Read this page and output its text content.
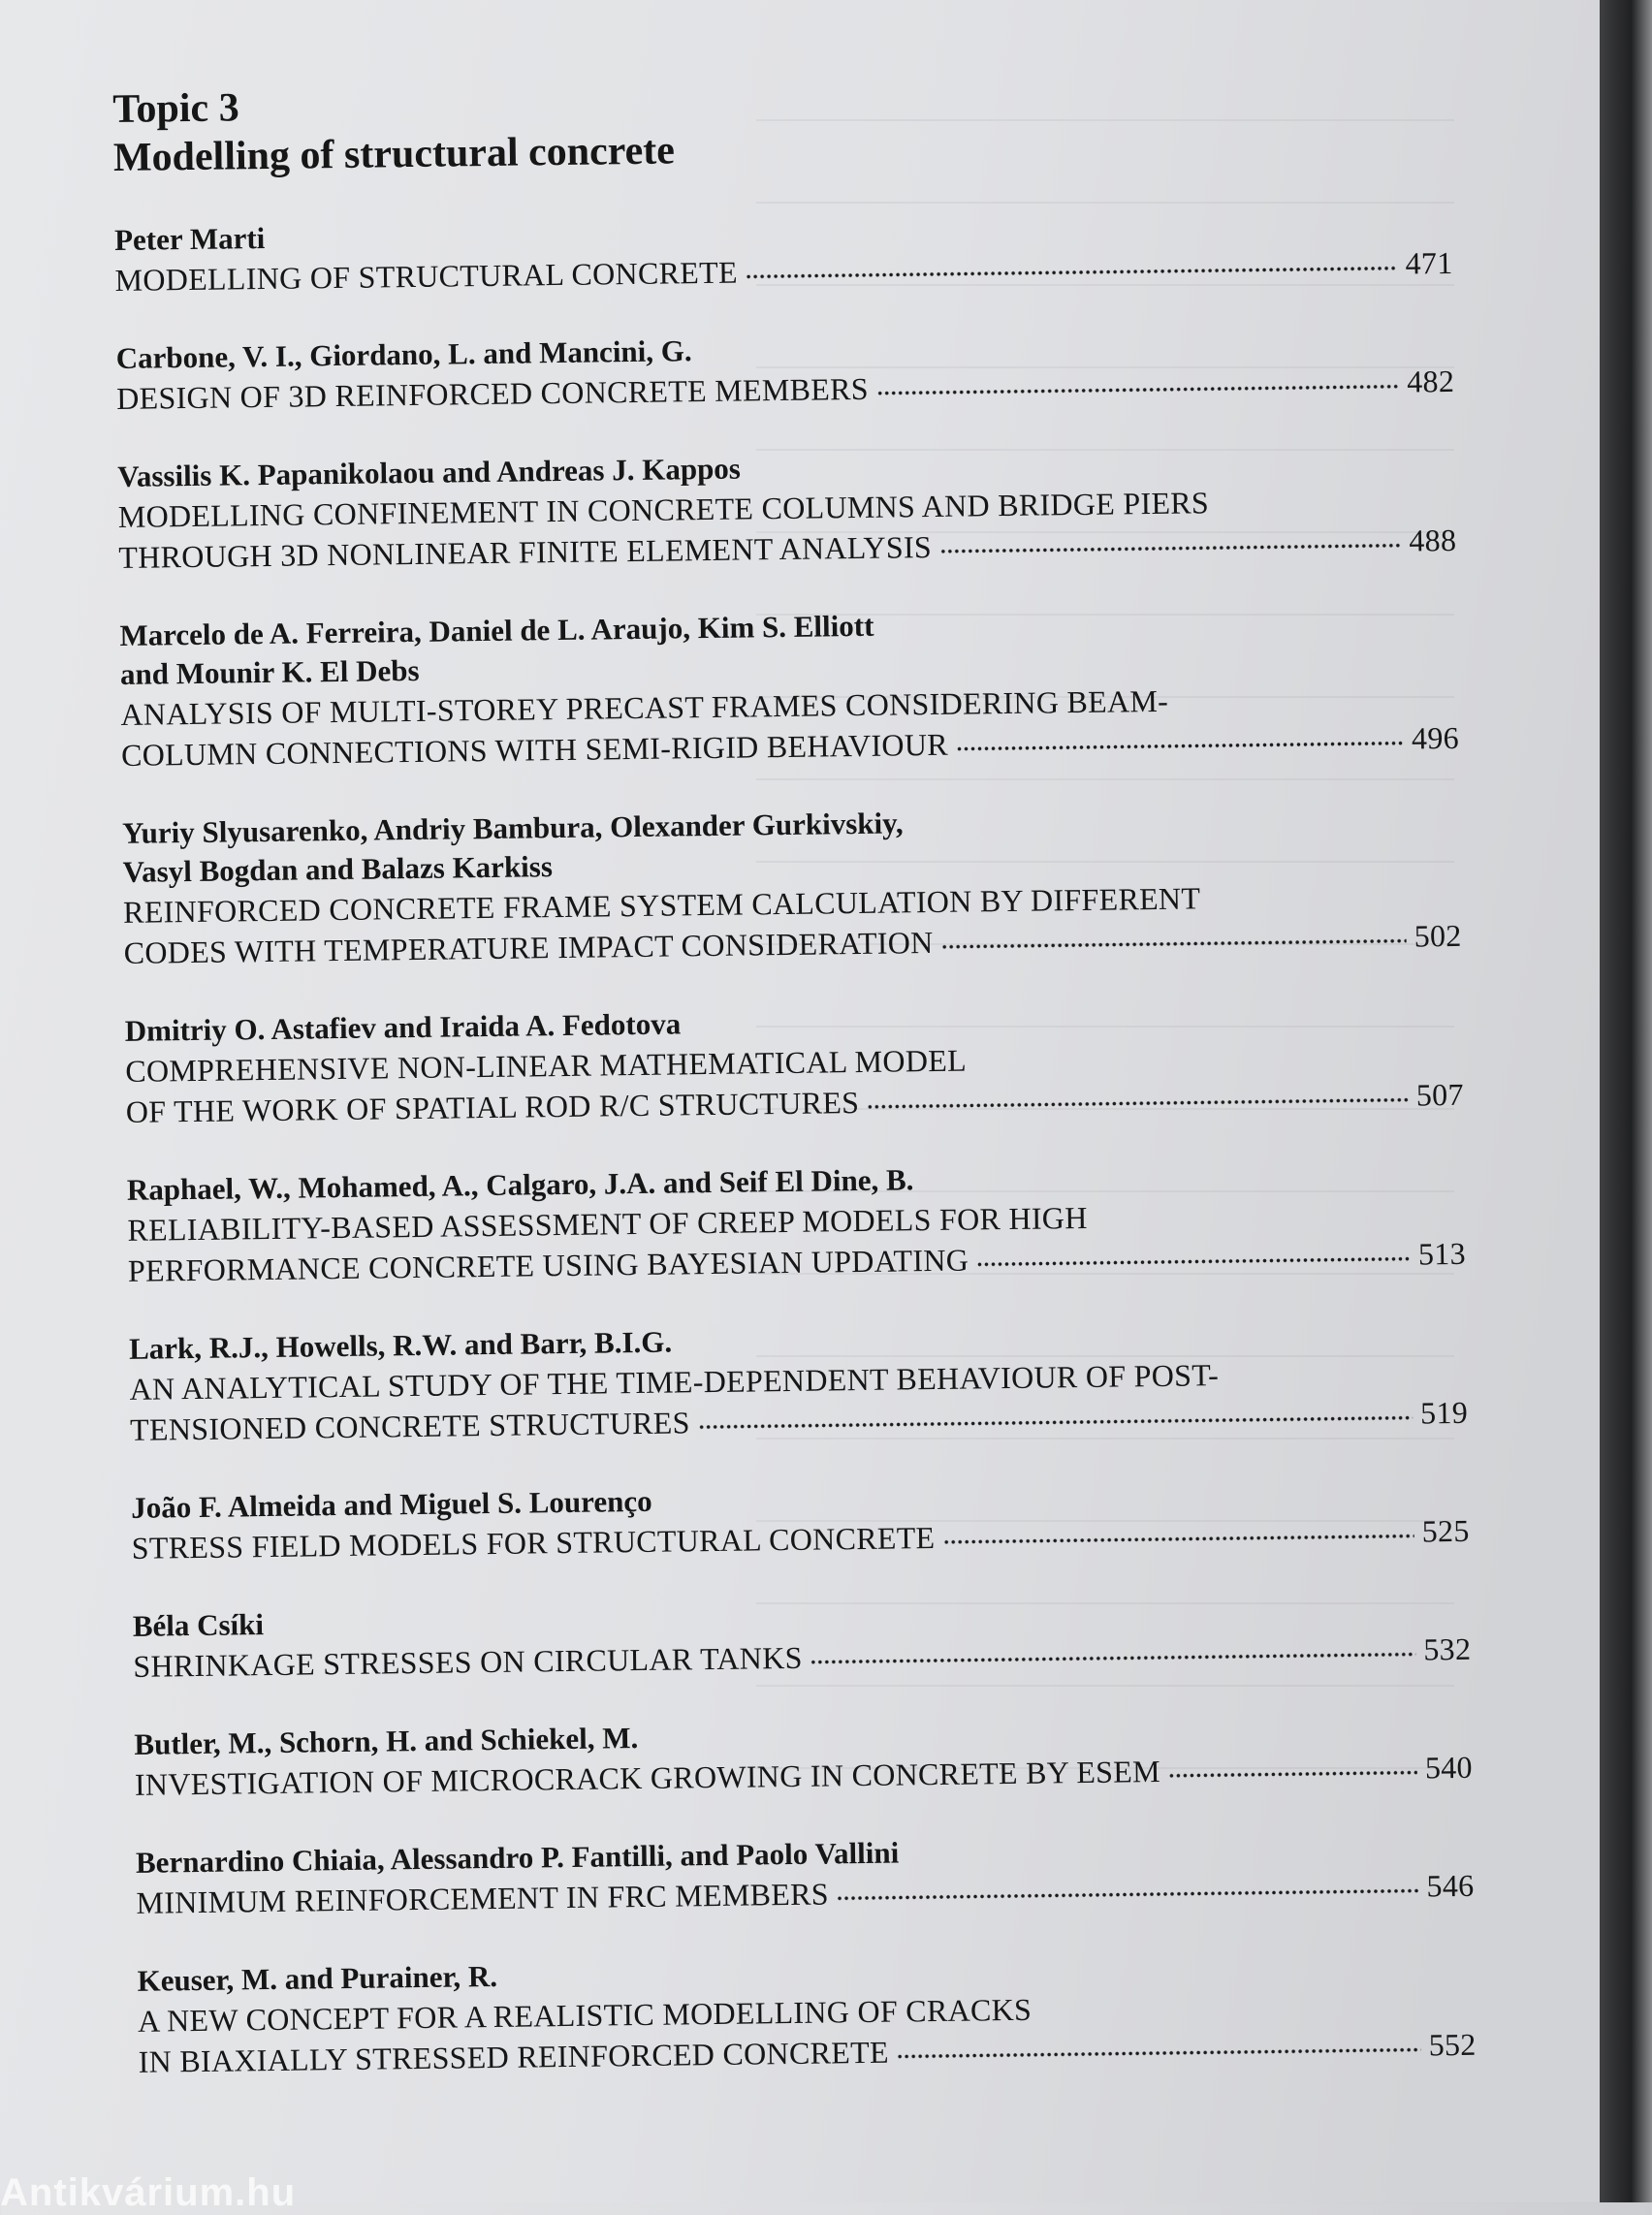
Topic 3
Modelling of structural concrete
Peter Marti
MODELLING OF STRUCTURAL CONCRETE	471
Carbone, V. I., Giordano, L. and Mancini, G.
DESIGN OF 3D REINFORCED CONCRETE MEMBERS	482
Vassilis K. Papanikolaou and Andreas J. Kappos
MODELLING CONFINEMENT IN CONCRETE COLUMNS AND BRIDGE PIERS
THROUGH 3D NONLINEAR FINITE ELEMENT ANALYSIS	488
Marcelo de A. Ferreira, Daniel de L. Araujo, Kim S. Elliott
and Mounir K. El Debs
ANALYSIS OF MULTI-STOREY PRECAST FRAMES CONSIDERING BEAM-
COLUMN CONNECTIONS WITH SEMI-RIGID BEHAVIOUR	496
Yuriy Slyusarenko, Andriy Bambura, Olexander Gurkivskiy,
Vasyl Bogdan and Balazs Karkiss
REINFORCED CONCRETE FRAME SYSTEM CALCULATION BY DIFFERENT
CODES WITH TEMPERATURE IMPACT CONSIDERATION	502
Dmitriy O. Astafiev and Iraida A. Fedotova
COMPREHENSIVE NON-LINEAR MATHEMATICAL MODEL
OF THE WORK OF SPATIAL ROD R/C STRUCTURES	507
Raphael, W., Mohamed, A., Calgaro, J.A. and Seif El Dine, B.
RELIABILITY-BASED ASSESSMENT OF CREEP MODELS FOR HIGH
PERFORMANCE CONCRETE USING BAYESIAN UPDATING	513
Lark, R.J., Howells, R.W. and Barr, B.I.G.
AN ANALYTICAL STUDY OF THE TIME-DEPENDENT BEHAVIOUR OF POST-
TENSIONED CONCRETE STRUCTURES	519
João F. Almeida and Miguel S. Lourenço
STRESS FIELD MODELS FOR STRUCTURAL CONCRETE	525
Béla Csíki
SHRINKAGE STRESSES ON CIRCULAR TANKS	532
Butler, M., Schorn, H. and Schiekel, M.
INVESTIGATION OF MICROCRACK GROWING IN CONCRETE BY ESEM	540
Bernardino Chiaia, Alessandro P. Fantilli, and Paolo Vallini
MINIMUM REINFORCEMENT IN FRC MEMBERS	546
Keuser, M. and Purainer, R.
A NEW CONCEPT FOR A REALISTIC MODELLING OF CRACKS
IN BIAXIALLY STRESSED REINFORCED CONCRETE	552
Antikvárium.hu
